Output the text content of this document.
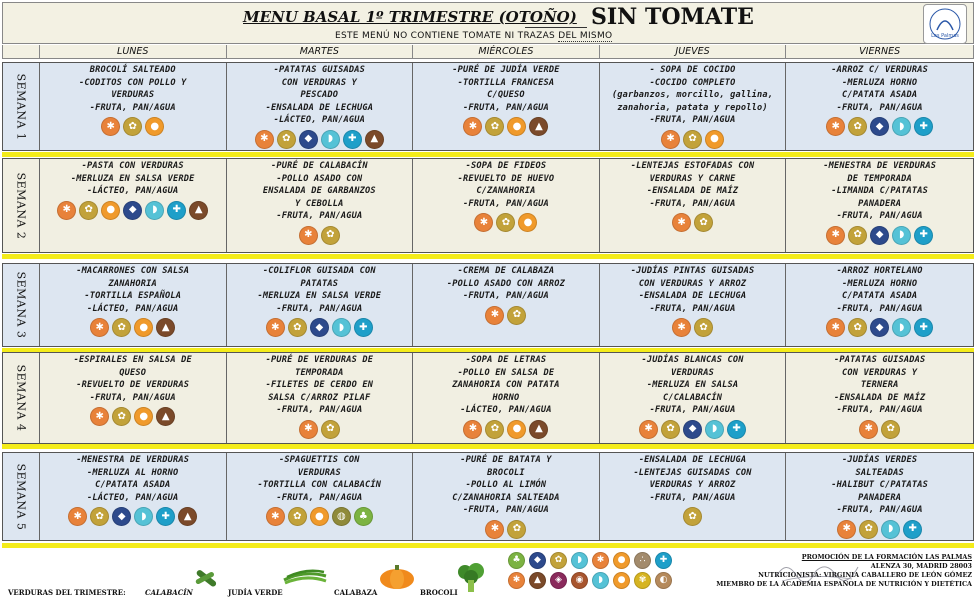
MENU BASAL 1º TRIMESTRE (OTOÑO) SIN TOMATE
ESTE MENÚ NO CONTIENE TOMATE NI TRAZAS DEL MISMO	Las Palmas
LUNES	MARTES	MIÉRCOLES	JUEVES	VIERNES
SEMANA 1
BROCOLÍ SALTEADO
-CODITOS CON POLLO Y
VERDURAS
-FRUTA, PAN/AGUA
✱	✿	●
-PATATAS GUISADAS
CON VERDURAS Y
PESCADO
-ENSALADA DE LECHUGA
-LÁCTEO, PAN/AGUA
✱	✿	◆	◗	✚	▲
-PURÉ DE JUDÍA VERDE
-TORTILLA FRANCESA
C/QUESO
-FRUTA, PAN/AGUA
✱	✿	●	▲
- SOPA DE COCIDO
-COCIDO COMPLETO
(garbanzos, morcillo, gallina,
zanahoria, patata y repollo)
-FRUTA, PAN/AGUA
✱	✿	●
-ARROZ C/ VERDURAS
-MERLUZA HORNO
C/PATATA ASADA
-FRUTA, PAN/AGUA
✱	✿	◆	◗	✚
SEMANA 2
-PASTA CON VERDURAS
-MERLUZA EN SALSA VERDE
-LÁCTEO, PAN/AGUA
✱	✿	●	◆	◗	✚	▲
-PURÉ DE CALABACÍN
-POLLO ASADO CON
ENSALADA DE GARBANZOS
Y CEBOLLA
-FRUTA, PAN/AGUA
✱	✿
-SOPA DE FIDEOS
-REVUELTO DE HUEVO
C/ZANAHORIA
-FRUTA, PAN/AGUA
✱	✿	●
-LENTEJAS ESTOFADAS CON
VERDURAS Y CARNE
-ENSALADA DE MAÍZ
-FRUTA, PAN/AGUA
✱	✿
-MENESTRA DE VERDURAS
DE TEMPORADA
-LIMANDA C/PATATAS
PANADERA
-FRUTA, PAN/AGUA
✱	✿	◆	◗	✚
SEMANA 3
-MACARRONES CON SALSA
ZANAHORIA
-TORTILLA ESPAÑOLA
-LÁCTEO, PAN/AGUA
✱	✿	●	▲
-COLIFLOR GUISADA CON
PATATAS
-MERLUZA EN SALSA VERDE
-FRUTA, PAN/AGUA
✱	✿	◆	◗	✚
-CREMA DE CALABAZA
-POLLO ASADO CON ARROZ
-FRUTA, PAN/AGUA
✱	✿
-JUDÍAS PINTAS GUISADAS
CON VERDURAS Y ARROZ
-ENSALADA DE LECHUGA
-FRUTA, PAN/AGUA
✱	✿
-ARROZ HORTELANO
-MERLUZA HORNO
C/PATATA ASADA
-FRUTA, PAN/AGUA
✱	✿	◆	◗	✚
SEMANA 4
-ESPIRALES EN SALSA DE
QUESO
-REVUELTO DE VERDURAS
-FRUTA, PAN/AGUA
✱	✿	●	▲
-PURÉ DE VERDURAS DE
TEMPORADA
-FILETES DE CERDO EN
SALSA C/ARROZ PILAF
-FRUTA, PAN/AGUA
✱	✿
-SOPA DE LETRAS
-POLLO EN SALSA DE
ZANAHORIA CON PATATA
HORNO
-LÁCTEO, PAN/AGUA
✱	✿	●	▲
-JUDÍAS BLANCAS CON
VERDURAS
-MERLUZA EN SALSA
C/CALABACÍN
-FRUTA, PAN/AGUA
✱	✿	◆	◗	✚
-PATATAS GUISADAS
CON VERDURAS Y
TERNERA
-ENSALADA DE MAÍZ
-FRUTA, PAN/AGUA
✱	✿
SEMANA 5
-MENESTRA DE VERDURAS
-MERLUZA AL HORNO
C/PATATA ASADA
-LÁCTEO, PAN/AGUA
✱	✿	◆	◗	✚	▲
-SPAGUETTIS CON
VERDURAS
-TORTILLA CON CALABACÍN
-FRUTA, PAN/AGUA
✱	✿	●	◍	♣
-PURÉ DE BATATA Y
BROCOLI
-POLLO AL LIMÓN
C/ZANAHORIA SALTEADA
-FRUTA, PAN/AGUA
✱	✿
-ENSALADA DE LECHUGA
-LENTEJAS GUISADAS CON
VERDURAS Y ARROZ
-FRUTA, PAN/AGUA
✿
-JUDÍAS VERDES
SALTEADAS
-HALIBUT C/PATATAS
PANADERA
-FRUTA, PAN/AGUA
✱	✿	◗	✚
VERDURAS DEL TRIMESTRE:	CALABACÍN	JUDÍA VERDE	CALABAZA	BROCOLI
♣	◆	✿	◗	✱	●	∴	✚
✱	▲	◈	◉	◗	●	✾	◐
PROMOCIÓN DE LA FORMACIÓN LAS PALMAS
ALENZA 30, MADRID 28003
NUTRICIONISTA: VIRGINIA CABALLERO DE LEÓN GÓMEZ
MIEMBRO DE LA ACADEMIA ESPAÑOLA DE NUTRICIÓN Y DIETÉTICA
